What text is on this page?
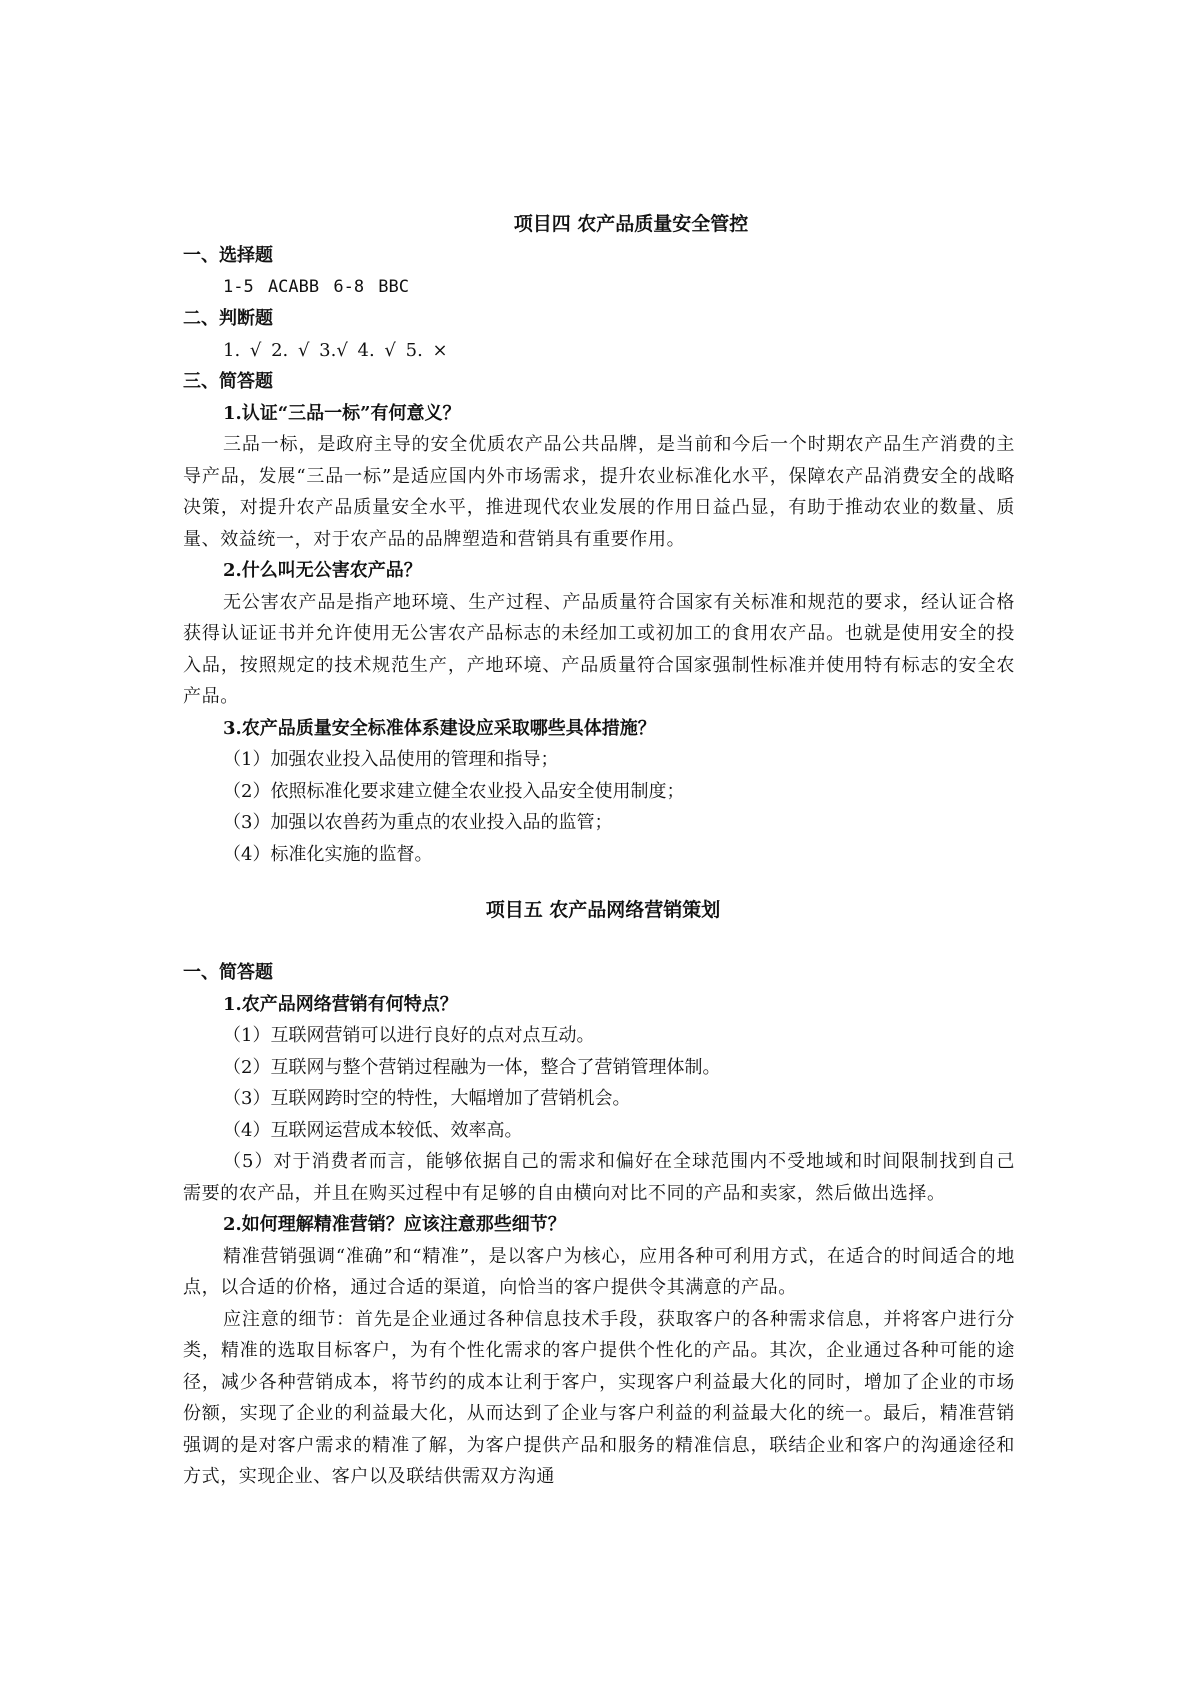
项目四 农产品质量安全管控

一、选择题

1-5 ACABB 6-8 BBC

二、判断题

1. √ 2. √ 3.√ 4. √ 5. ×

三、简答题

1.认证“三品一标”有何意义？

三品一标，是政府主导的安全优质农产品公共品牌，是当前和今后一个时期农产品生产消费的主导产品，发展“三品一标”是适应国内外市场需求，提升农业标准化水平，保障农产品消费安全的战略决策，对提升农产品质量安全水平，推进现代农业发展的作用日益凸显，有助于推动农业的数量、质量、效益统一，对于农产品的品牌塑造和营销具有重要作用。

2.什么叫无公害农产品？

无公害农产品是指产地环境、生产过程、产品质量符合国家有关标准和规范的要求，经认证合格获得认证证书并允许使用无公害农产品标志的未经加工或初加工的食用农产品。也就是使用安全的投入品，按照规定的技术规范生产，产地环境、产品质量符合国家强制性标准并使用特有标志的安全农产品。

3.农产品质量安全标准体系建设应采取哪些具体措施？

（1）加强农业投入品使用的管理和指导；

（2）依照标准化要求建立健全农业投入品安全使用制度；

（3）加强以农兽药为重点的农业投入品的监管；

（4）标准化实施的监督。

项目五 农产品网络营销策划

一、简答题

1.农产品网络营销有何特点？

（1）互联网营销可以进行良好的点对点互动。

（2）互联网与整个营销过程融为一体，整合了营销管理体制。

（3）互联网跨时空的特性，大幅增加了营销机会。

（4）互联网运营成本较低、效率高。

（5）对于消费者而言，能够依据自己的需求和偏好在全球范围内不受地域和时间限制找到自己需要的农产品，并且在购买过程中有足够的自由横向对比不同的产品和卖家，然后做出选择。

2.如何理解精准营销？应该注意那些细节？

精准营销强调“准确”和“精准”，是以客户为核心，应用各种可利用方式，在适合的时间适合的地点，以合适的价格，通过合适的渠道，向恰当的客户提供令其满意的产品。

应注意的细节：首先是企业通过各种信息技术手段，获取客户的各种需求信息，并将客户进行分类，精准的选取目标客户，为有个性化需求的客户提供个性化的产品。其次，企业通过各种可能的途径，减少各种营销成本，将节约的成本让利于客户，实现客户利益最大化的同时，增加了企业的市场份额，实现了企业的利益最大化，从而达到了企业与客户利益的利益最大化的统一。最后，精准营销强调的是对客户需求的精准了解，为客户提供产品和服务的精准信息，联结企业和客户的沟通途径和方式，实现企业、客户以及联结供需双方沟通
